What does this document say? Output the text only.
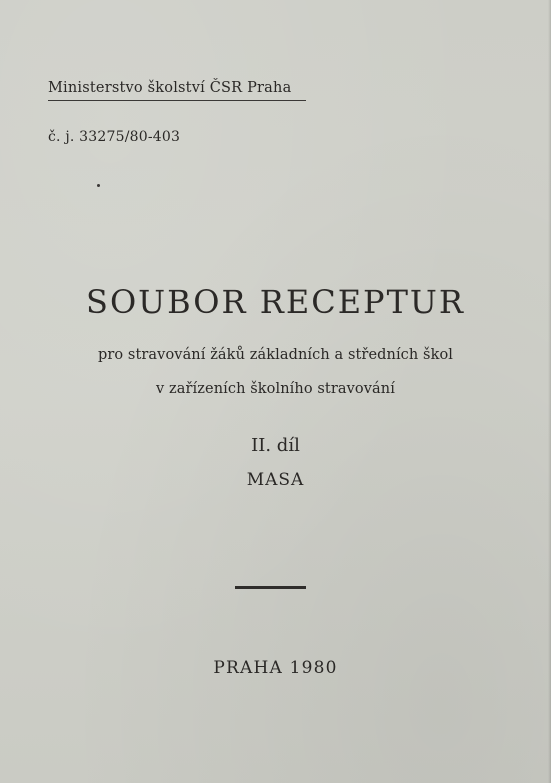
Ministerstvo školství ČSR Praha
č. j. 33275/80-403
SOUBOR RECEPTUR
pro stravování žáků základních a středních škol
v zařízeních školního stravování
II. díl
MASA
PRAHA 1980
